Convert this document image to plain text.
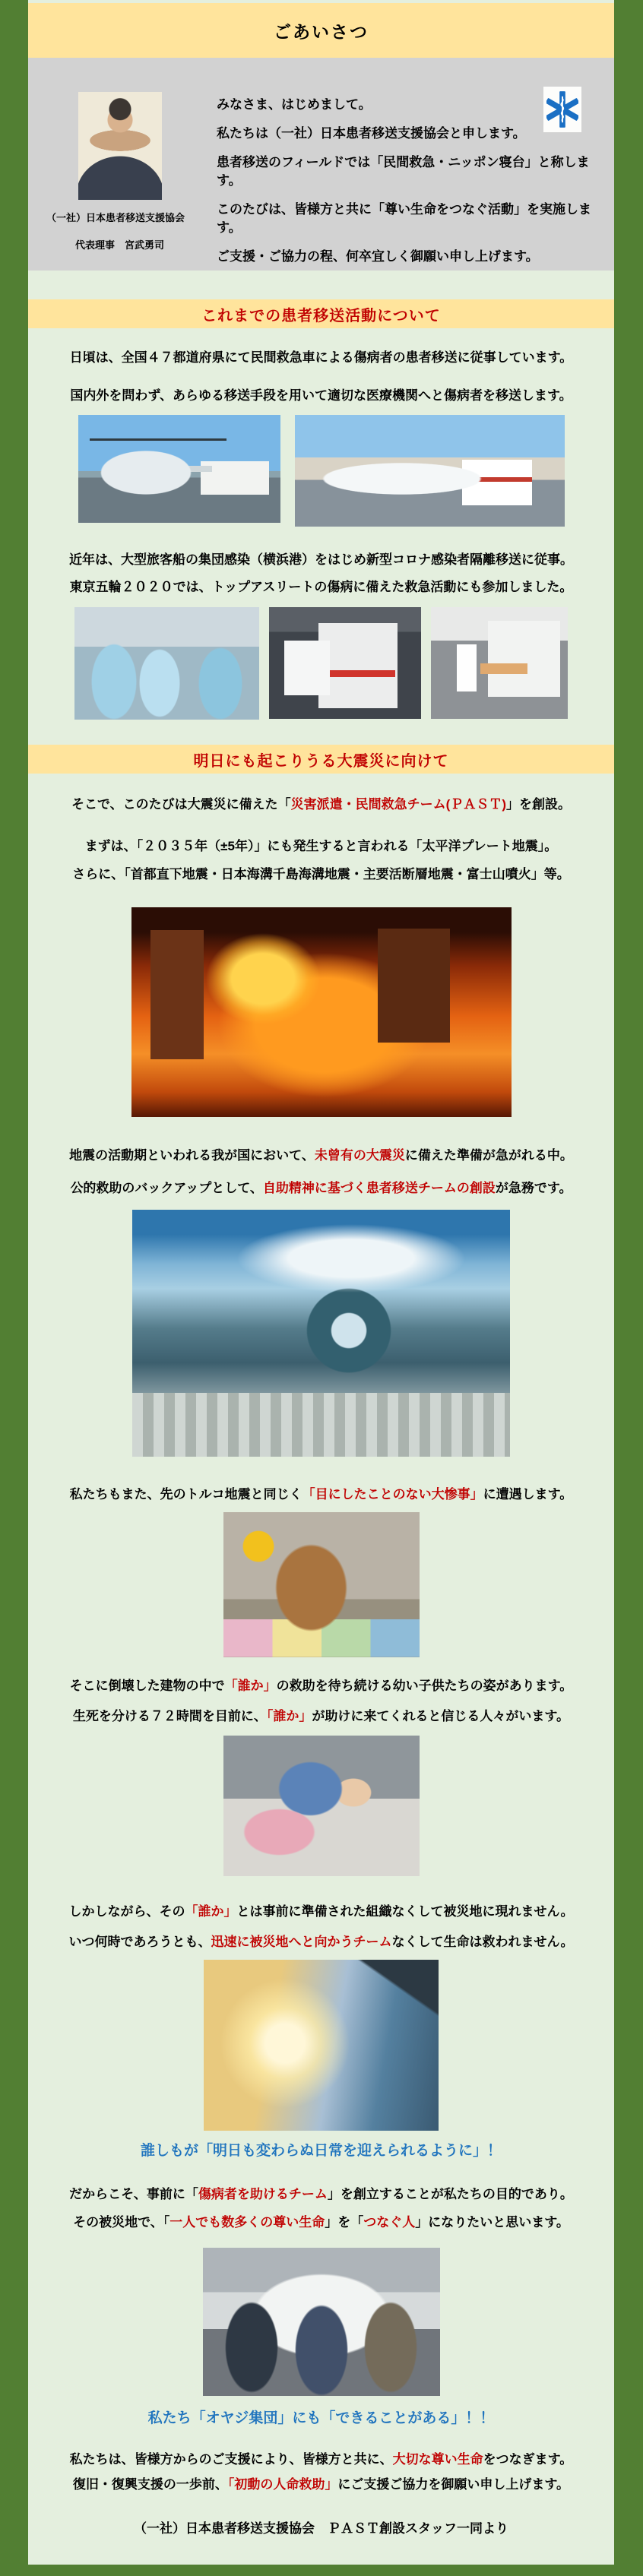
ごあいさつ
（一社）日本患者移送支援協会
代表理事　宮武勇司

みなさま、はじめまして。

私たちは（一社）日本患者移送支援協会と申します。

患者移送のフィールドでは「民間救急・ニッポン寝台」と称します。

このたびは、皆様方と共に「尊い生命をつなぐ活動」を実施します。

ご支援・ご協力の程、何卒宜しく御願い申し上げます。

これまでの患者移送活動について

日頃は、全国４７都道府県にて民間救急車による傷病者の患者移送に従事しています。

国内外を問わず、あらゆる移送手段を用いて適切な医療機関へと傷病者を移送します。

近年は、大型旅客船の集団感染（横浜港）をはじめ新型コロナ感染者隔離移送に従事。

東京五輪２０２０では、トップアスリートの傷病に備えた救急活動にも参加しました。

明日にも起こりうる大震災に向けて

そこで、このたびは大震災に備えた「災害派遣・民間救急チーム(ＰＡＳＴ)」を創設。

まずは、「２０３５年（±5年）」にも発生すると言われる「太平洋プレート地震」。

さらに、「首都直下地震・日本海溝千島海溝地震・主要活断層地震・富士山噴火」等。

地震の活動期といわれる我が国において、未曾有の大震災に備えた準備が急がれる中。

公的救助のバックアップとして、自助精神に基づく患者移送チームの創設が急務です。

私たちもまた、先のトルコ地震と同じく「目にしたことのない大惨事」に遭遇します。

そこに倒壊した建物の中で「誰か」の救助を待ち続ける幼い子供たちの姿があります。

生死を分ける７２時間を目前に、「誰か」が助けに来てくれると信じる人々がいます。

しかしながら、その「誰か」とは事前に準備された組織なくして被災地に現れません。

いつ何時であろうとも、迅速に被災地へと向かうチームなくして生命は救われません。

誰しもが「明日も変わらぬ日常を迎えられるように」！

だからこそ、事前に「傷病者を助けるチーム」を創立することが私たちの目的であり。

その被災地で、「一人でも数多くの尊い生命」を「つなぐ人」になりたいと思います。

私たち「オヤジ集団」にも「できることがある」！！

私たちは、皆様方からのご支援により、皆様方と共に、大切な尊い生命をつなぎます。

復旧・復興支援の一歩前、「初動の人命救助」にご支援ご協力を御願い申し上げます。

（一社）日本患者移送支援協会　ＰＡＳＴ創設スタッフ一同より
